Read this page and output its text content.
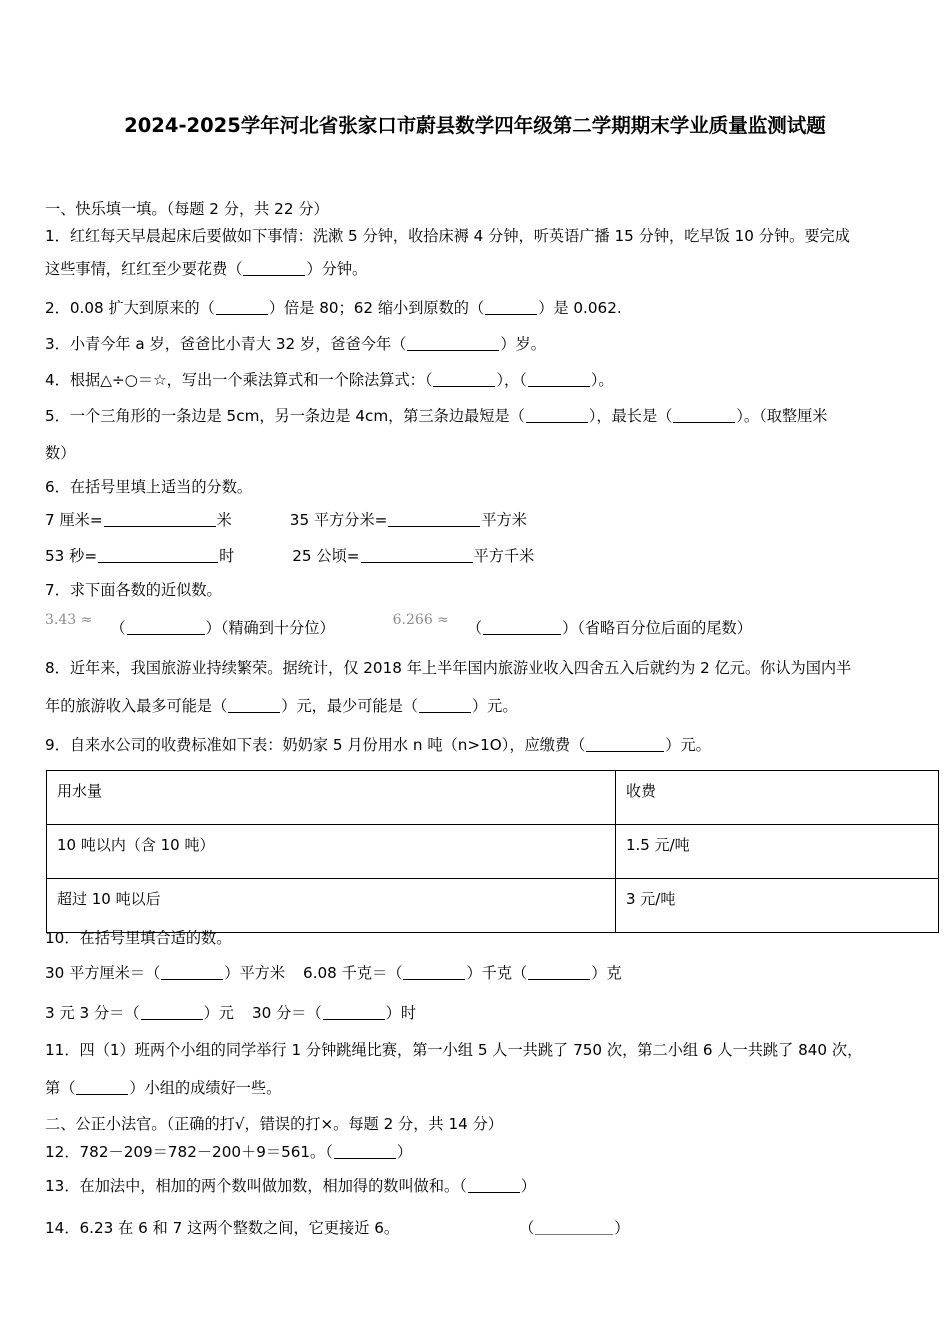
2024-2025学年河北省张家口市蔚县数学四年级第二学期期末学业质量监测试题
一、快乐填一填。（每题 2 分，共 22 分）
1．红红每天早晨起床后要做如下事情：洗漱 5 分钟，收拾床褥 4 分钟，听英语广播 15 分钟，吃早饭 10 分钟。要完成
这些事情，红红至少要花费（	）分钟。
2．0.08 扩大到原来的（	）倍是 80；62 缩小到原数的（	）是 0.062.
3．小青今年 a 岁，爸爸比小青大 32 岁，爸爸今年（	）岁。
4．根据△÷○＝☆，写出一个乘法算式和一个除法算式：（	），（	）。
5．一个三角形的一条边是 5cm，另一条边是 4cm，第三条边最短是（	），最长是（	）。（取整厘米
数）
6．在括号里填上适当的分数。
7 厘米=	米	35 平方分米=	平方米
53 秒=	时	25 公顷=	平方千米
7．求下面各数的近似数。
3.43 ≈ （	）（精确到十分位）	6.266 ≈ （	）（省略百分位后面的尾数）
8．近年来，我国旅游业持续繁荣。据统计，仅 2018 年上半年国内旅游业收入四舍五入后就约为 2 亿元。你认为国内半
年的旅游收入最多可能是（	）元，最少可能是（	）元。
9．自来水公司的收费标准如下表：奶奶家 5 月份用水 n 吨（n>1O），应缴费（	）元。
10．在括号里填合适的数。
30 平方厘米＝（	）平方米 6.08 千克＝（	）千克（	）克
3 元 3 分＝（	）元 30 分＝（	）时
11．四（1）班两个小组的同学举行 1 分钟跳绳比赛，第一小组 5 人一共跳了 750 次，第二小组 6 人一共跳了 840 次，
第（	）小组的成绩好一些。
二、公正小法官。（正确的打√，错误的打×。每题 2 分，共 14 分）
12．782－209＝782－200＋9＝561。（	）
13．在加法中，相加的两个数叫做加数，相加得的数叫做和。（	）
14．6.23 在 6 和 7 这两个整数之间，它更接近 6。	（	）
用水量	收费
10 吨以内（含 10 吨）	1.5 元/吨
超过 10 吨以后	3 元/吨
